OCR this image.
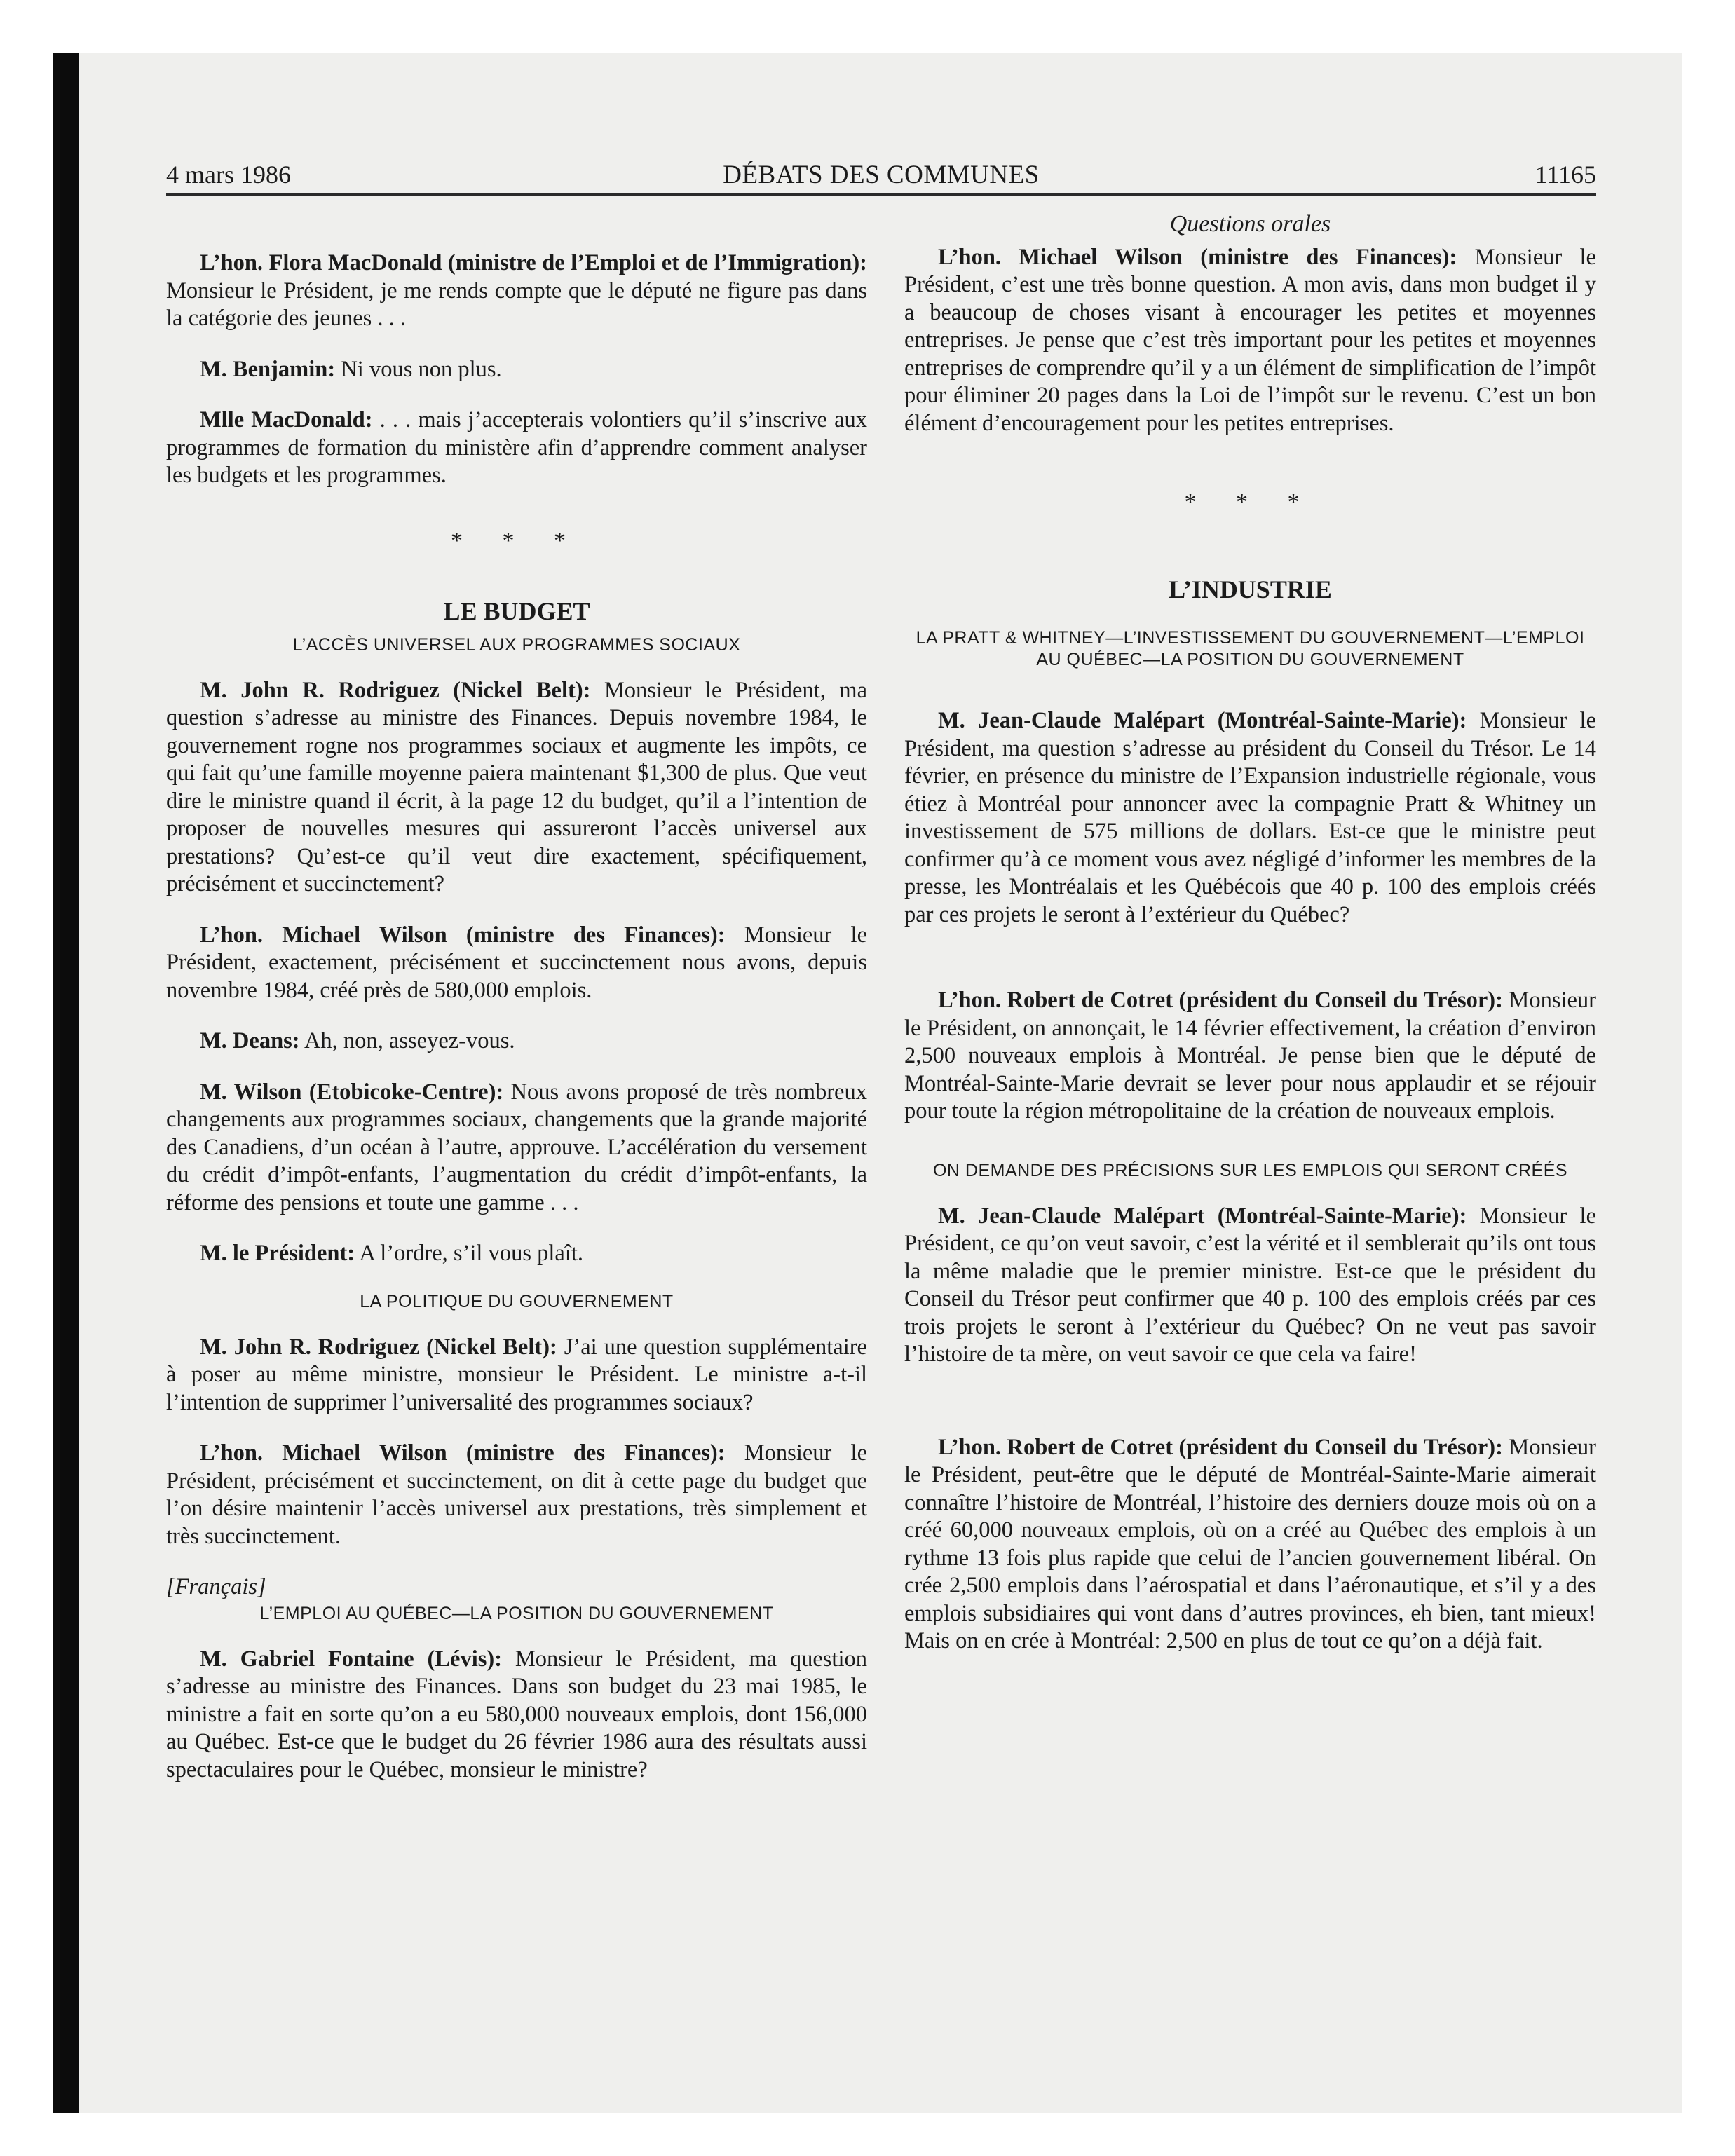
4 mars 1986	DÉBATS DES COMMUNES	11165

L’hon. Flora MacDonald (ministre de l’Emploi et de l’Immigration): Monsieur le Président, je me rends compte que le député ne figure pas dans la catégorie des jeunes . . .

M. Benjamin: Ni vous non plus.

Mlle MacDonald: . . . mais j’accepterais volontiers qu’il s’inscrive aux programmes de formation du ministère afin d’apprendre comment analyser les budgets et les programmes.

* * *
LE BUDGET
L’ACCÈS UNIVERSEL AUX PROGRAMMES SOCIAUX

M. John R. Rodriguez (Nickel Belt): Monsieur le Président, ma question s’adresse au ministre des Finances. Depuis novembre 1984, le gouvernement rogne nos programmes sociaux et augmente les impôts, ce qui fait qu’une famille moyenne paiera maintenant $1,300 de plus. Que veut dire le ministre quand il écrit, à la page 12 du budget, qu’il a l’intention de proposer de nouvelles mesures qui assureront l’accès universel aux prestations? Qu’est-ce qu’il veut dire exactement, spécifiquement, précisément et succinctement?

L’hon. Michael Wilson (ministre des Finances): Monsieur le Président, exactement, précisément et succinctement nous avons, depuis novembre 1984, créé près de 580,000 emplois.

M. Deans: Ah, non, asseyez-vous.

M. Wilson (Etobicoke-Centre): Nous avons proposé de très nombreux changements aux programmes sociaux, changements que la grande majorité des Canadiens, d’un océan à l’autre, approuve. L’accélération du versement du crédit d’impôt-enfants, l’augmentation du crédit d’impôt-enfants, la réforme des pensions et toute une gamme . . .

M. le Président: A l’ordre, s’il vous plaît.

LA POLITIQUE DU GOUVERNEMENT

M. John R. Rodriguez (Nickel Belt): J’ai une question supplémentaire à poser au même ministre, monsieur le Président. Le ministre a-t-il l’intention de supprimer l’universalité des programmes sociaux?

L’hon. Michael Wilson (ministre des Finances): Monsieur le Président, précisément et succinctement, on dit à cette page du budget que l’on désire maintenir l’accès universel aux prestations, très simplement et très succinctement.

[Français]
L’EMPLOI AU QUÉBEC—LA POSITION DU GOUVERNEMENT

M. Gabriel Fontaine (Lévis): Monsieur le Président, ma question s’adresse au ministre des Finances. Dans son budget du 23 mai 1985, le ministre a fait en sorte qu’on a eu 580,000 nouveaux emplois, dont 156,000 au Québec. Est-ce que le budget du 26 février 1986 aura des résultats aussi spectaculaires pour le Québec, monsieur le ministre?

Questions orales

L’hon. Michael Wilson (ministre des Finances): Monsieur le Président, c’est une très bonne question. A mon avis, dans mon budget il y a beaucoup de choses visant à encourager les petites et moyennes entreprises. Je pense que c’est très important pour les petites et moyennes entreprises de comprendre qu’il y a un élément de simplification de l’impôt pour éliminer 20 pages dans la Loi de l’impôt sur le revenu. C’est un bon élément d’encouragement pour les petites entreprises.

* * *
L’INDUSTRIE
LA PRATT & WHITNEY—L’INVESTISSEMENT DU GOUVERNEMENT—L’EMPLOI AU QUÉBEC—LA POSITION DU GOUVERNEMENT

M. Jean-Claude Malépart (Montréal-Sainte-Marie): Monsieur le Président, ma question s’adresse au président du Conseil du Trésor. Le 14 février, en présence du ministre de l’Expansion industrielle régionale, vous étiez à Montréal pour annoncer avec la compagnie Pratt & Whitney un investissement de 575 millions de dollars. Est-ce que le ministre peut confirmer qu’à ce moment vous avez négligé d’informer les membres de la presse, les Montréalais et les Québécois que 40 p. 100 des emplois créés par ces projets le seront à l’extérieur du Québec?

L’hon. Robert de Cotret (président du Conseil du Trésor): Monsieur le Président, on annonçait, le 14 février effectivement, la création d’environ 2,500 nouveaux emplois à Montréal. Je pense bien que le député de Montréal-Sainte-Marie devrait se lever pour nous applaudir et se réjouir pour toute la région métropolitaine de la création de nouveaux emplois.

ON DEMANDE DES PRÉCISIONS SUR LES EMPLOIS QUI SERONT CRÉÉS

M. Jean-Claude Malépart (Montréal-Sainte-Marie): Monsieur le Président, ce qu’on veut savoir, c’est la vérité et il semblerait qu’ils ont tous la même maladie que le premier ministre. Est-ce que le président du Conseil du Trésor peut confirmer que 40 p. 100 des emplois créés par ces trois projets le seront à l’extérieur du Québec? On ne veut pas savoir l’histoire de ta mère, on veut savoir ce que cela va faire!

L’hon. Robert de Cotret (président du Conseil du Trésor): Monsieur le Président, peut-être que le député de Montréal-Sainte-Marie aimerait connaître l’histoire de Montréal, l’histoire des derniers douze mois où on a créé 60,000 nouveaux emplois, où on a créé au Québec des emplois à un rythme 13 fois plus rapide que celui de l’ancien gouvernement libéral. On crée 2,500 emplois dans l’aérospatial et dans l’aéronautique, et s’il y a des emplois subsidiaires qui vont dans d’autres provinces, eh bien, tant mieux! Mais on en crée à Montréal: 2,500 en plus de tout ce qu’on a déjà fait.
